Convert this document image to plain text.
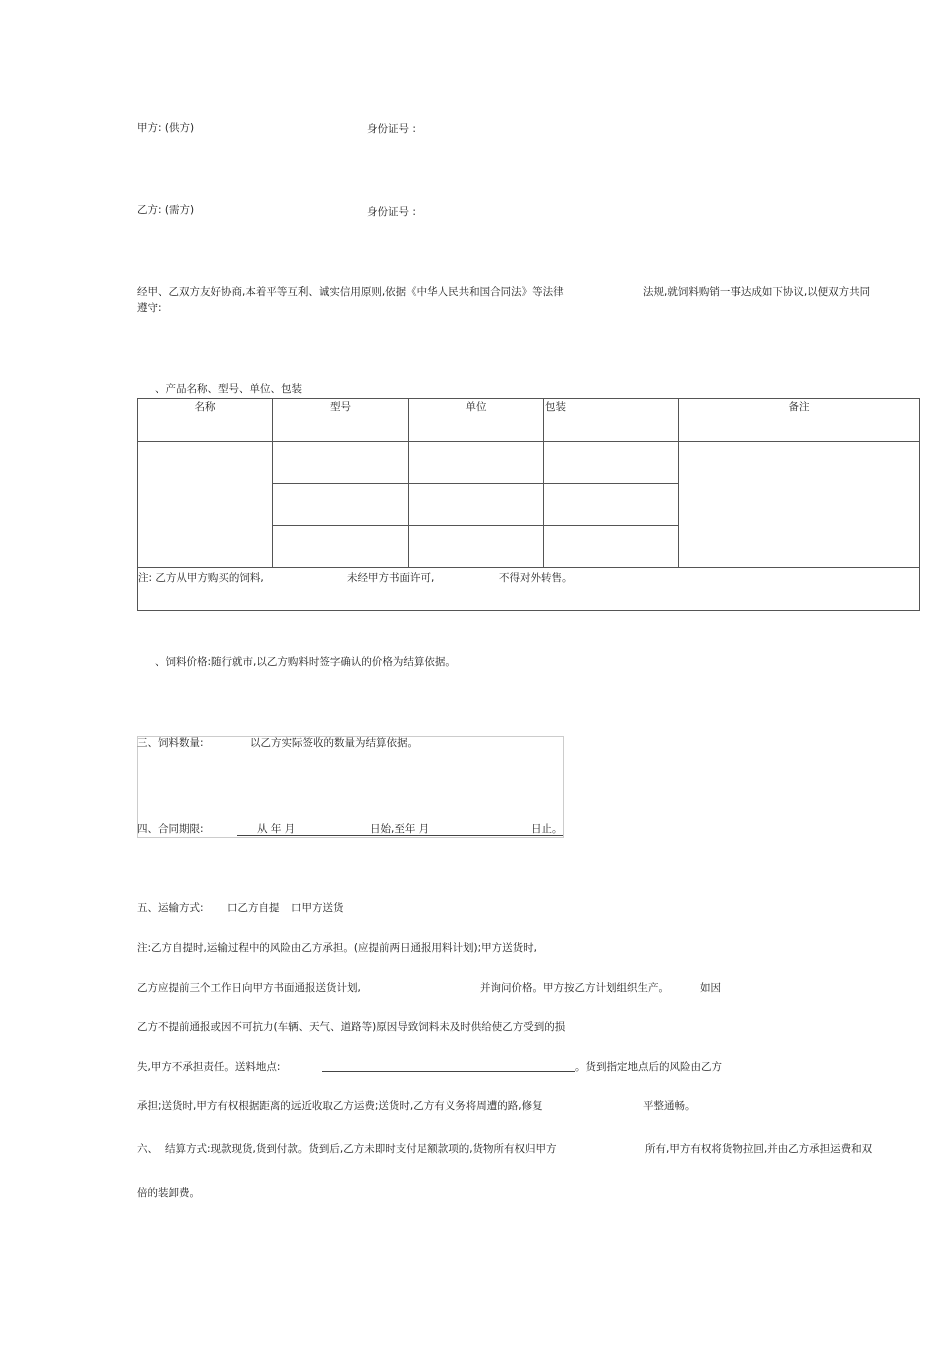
甲方: (供方)	身份证号 :
乙方: (需方)	身份证号 :
经甲、乙双方友好协商,本着平等互利、诚实信用原则,依据《中华人民共和国合同法》等法律	法规,就饲料购销一事达成如下协议,以便双方共同
遵守:
、产品名称、型号、单位、包装
名称	型号	单位	包装	备注

注: 乙方从甲方购买的饲料, 未经甲方书面许可, 不得对外转售。				
、饲料价格:随行就市,以乙方购料时签字确认的价格为结算依据。
三、饲料数量:	以乙方实际签收的数量为结算依据。
四、合同期限:	从 年 月	日始,至年 月	日止。
五、运输方式: 口乙方自提 口甲方送货
注:乙方自提时,运输过程中的风险由乙方承担。(应提前两日通报用料计划);甲方送货时,
乙方应提前三个工作日向甲方书面通报送货计划,	并询问价格。甲方按乙方计划组织生产。	如因
乙方不提前通报或因不可抗力(车辆、天气、道路等)原因导致饲料未及时供给使乙方受到的损
失,甲方不承担责任。送料地点:	。货到指定地点后的风险由乙方
承担;送货时,甲方有权根据距离的远近收取乙方运费;送货时,乙方有义务将周遭的路,修复	平整通畅。
六、 结算方式:现款现货,货到付款。货到后,乙方未即时支付足额款项的,货物所有权归甲方	所有,甲方有权将货物拉回,并由乙方承担运费和双
倍的装卸费。
